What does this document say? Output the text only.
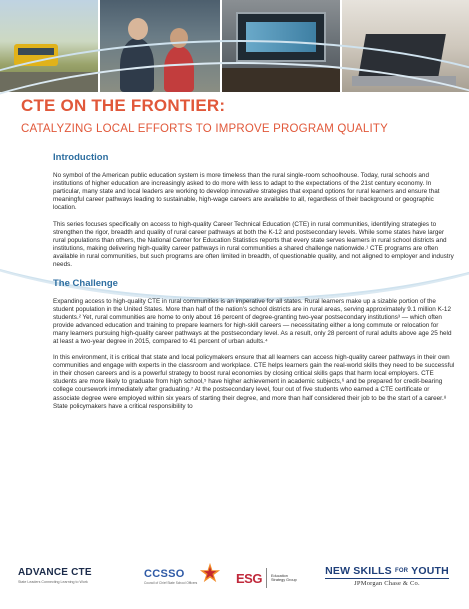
CTE ON THE FRONTIER:
CATALYZING LOCAL EFFORTS TO IMPROVE PROGRAM QUALITY
Introduction

No symbol of the American public education system is more timeless than the rural single-room schoolhouse. Today, rural schools and institutions of higher education are increasingly asked to do more with less to adapt to the expectations of the 21st century economy. In particular, many state and local leaders are working to develop innovative strategies that expand options for rural learners and ensure that meaningful career pathways leading to sustainable, high-wage careers are available to all, regardless of their background or geographic location.

This series focuses specifically on access to high-quality Career Technical Education (CTE) in rural communities, identifying strategies to strengthen the rigor, breadth and quality of rural career pathways at both the K-12 and postsecondary levels. While some states have larger rural populations than others, the National Center for Education Statistics reports that every state serves learners in rural school districts and institutions, making delivering high-quality career pathways in rural communities a shared challenge nationwide.¹ CTE programs are often available in rural communities, but such programs are often limited in breadth, of questionable quality, and not aligned to employer and industry needs.

The Challenge

Expanding access to high-quality CTE in rural communities is an imperative for all states. Rural learners make up a sizable portion of the student population in the United States. More than half of the nation’s school districts are in rural areas, serving approximately 9.1 million K-12 students.² Yet, rural communities are home to only about 16 percent of degree-granting two-year postsecondary institutions³ — which often provide advanced education and training to prepare learners for high-skill careers — necessitating either a long commute or relocation for many learners pursuing high-quality career pathways at the postsecondary level. As a result, only 28 percent of rural adults above age 25 held at least a two-year degree in 2015, compared to 41 percent of urban adults.⁴

In this environment, it is critical that state and local policymakers ensure that all learners can access high-quality career pathways in their own communities and engage with experts in the classroom and workplace. CTE helps learners gain the real-world skills they need to be successful in their chosen careers and is a powerful strategy to boost rural economies by closing critical skills gaps that harm local employers. CTE students are more likely to graduate from high school,⁵ have higher achievement in academic subjects,⁶ and be prepared for credit-bearing college coursework immediately after graduating.⁷ At the postsecondary level, four out of five students who earned a CTE certificate or associate degree were employed within six years of starting their degree, and more than half considered their job to be the start of a career.⁸ State policymakers have a critical responsibility to

ADVANCE CTE
State Leaders Connecting Learning to Work
CCSSO
Council of Chief State School Officers	ESG Education Strategy Group
NEW SKILLS FOR YOUTH
JPMorgan Chase & Co.
